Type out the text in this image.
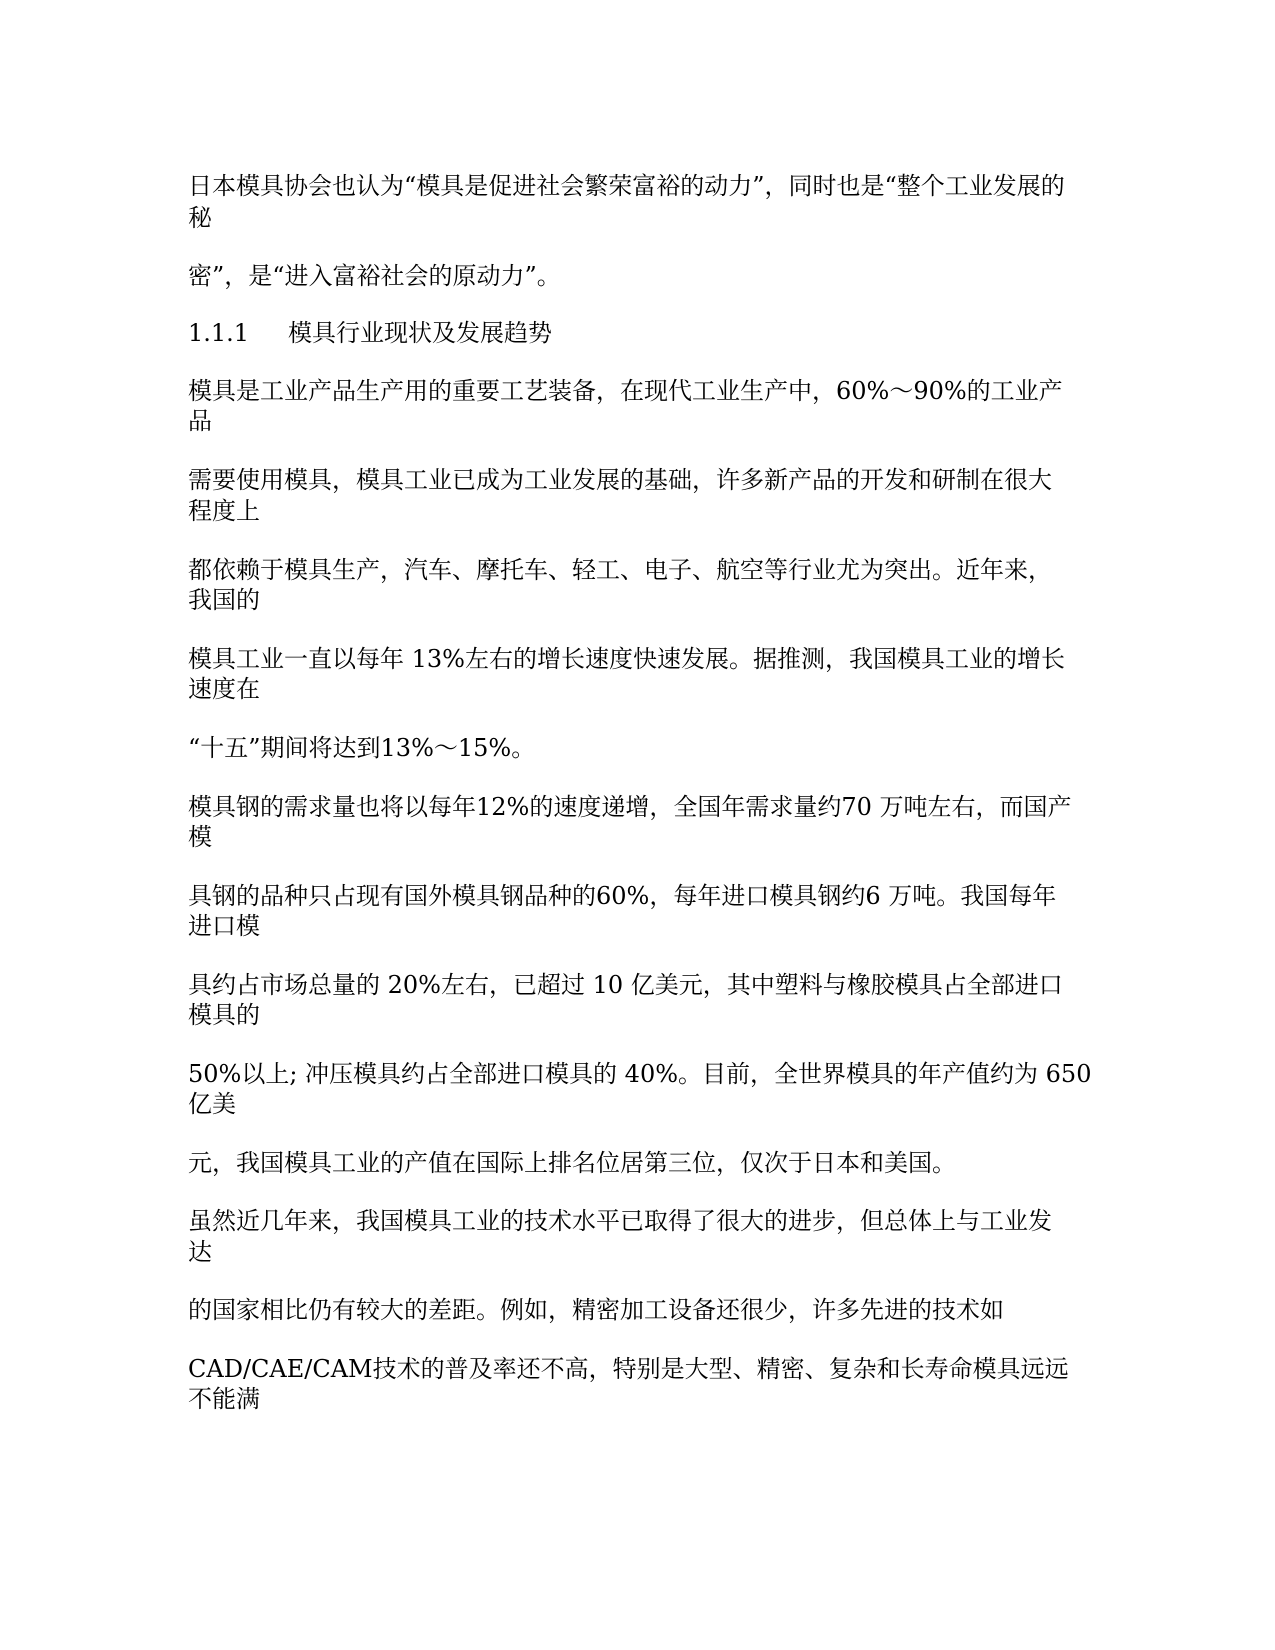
日本模具协会也认为“模具是促进社会繁荣富裕的动力”，同时也是“整个工业发展的

秘

密”，是“进入富裕社会的原动力”。

1.1.1 模具行业现状及发展趋势

模具是工业产品生产用的重要工艺装备，在现代工业生产中，60%～90%的工业产

品

需要使用模具，模具工业已成为工业发展的基础，许多新产品的开发和研制在很大

程度上

都依赖于模具生产，汽车、摩托车、轻工、电子、航空等行业尤为突出。近年来，

我国的

模具工业一直以每年 13%左右的增长速度快速发展。据推测，我国模具工业的增长

速度在

“十五”期间将达到13%～15%。

模具钢的需求量也将以每年12%的速度递增，全国年需求量约70 万吨左右，而国产

模

具钢的品种只占现有国外模具钢品种的60%，每年进口模具钢约6 万吨。我国每年

进口模

具约占市场总量的 20%左右，已超过 10 亿美元，其中塑料与橡胶模具占全部进口

模具的

50%以上; 冲压模具约占全部进口模具的 40%。目前，全世界模具的年产值约为 650

亿美

元，我国模具工业的产值在国际上排名位居第三位，仅次于日本和美国。

虽然近几年来，我国模具工业的技术水平已取得了很大的进步，但总体上与工业发

达

的国家相比仍有较大的差距。例如，精密加工设备还很少，许多先进的技术如

CAD/CAE/CAM技术的普及率还不高，特别是大型、精密、复杂和长寿命模具远远

不能满
